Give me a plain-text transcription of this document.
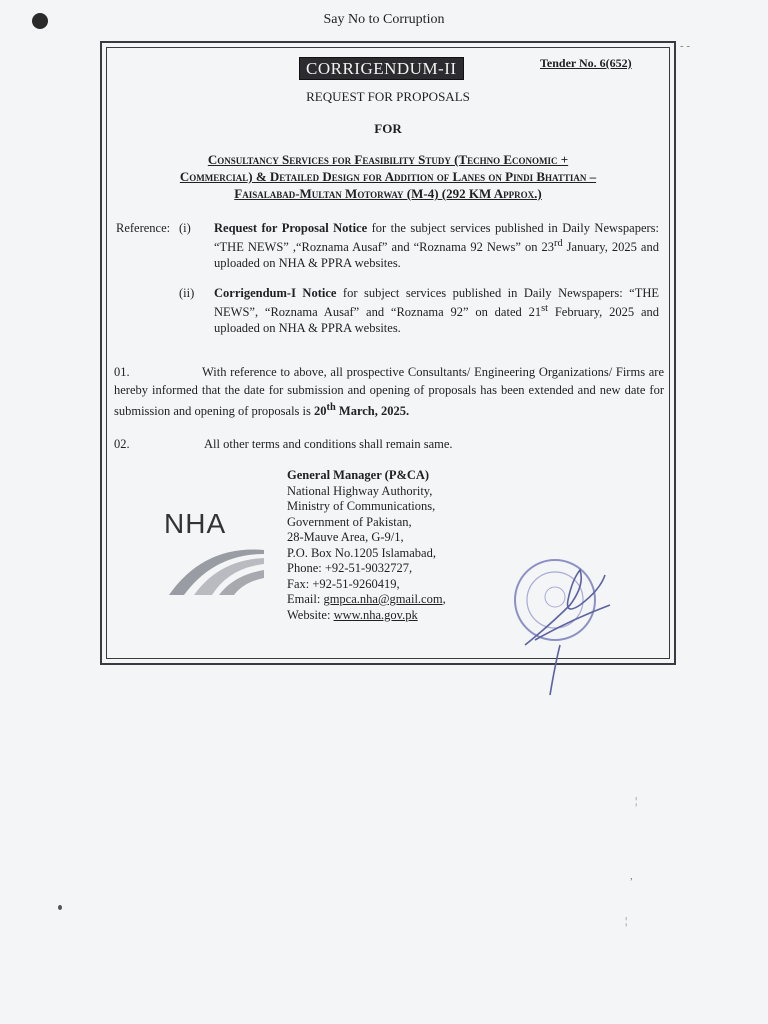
- -
¦
,
¦
Say No to Corruption
CORRIGENDUM-II	Tender No. 6(652)
REQUEST FOR PROPOSALS
FOR
Consultancy Services for Feasibility Study (Techno Economic +
Commercial) & Detailed Design for Addition of Lanes on Pindi Bhattian –
Faisalabad-Multan Motorway (M-4) (292 KM Approx.)
Reference: (i) Request for Proposal Notice for the subject services published in Daily Newspapers: “THE NEWS” ,“Roznama Ausaf” and “Roznama 92 News” on 23rd January, 2025 and uploaded on NHA & PPRA websites.
(ii) Corrigendum-I Notice for subject services published in Daily Newspapers: “THE NEWS”, “Roznama Ausaf” and “Roznama 92” on dated 21st February, 2025 and uploaded on NHA & PPRA websites.
01.	With reference to above, all prospective Consultants/ Engineering Organizations/ Firms are hereby informed that the date for submission and opening of proposals has been extended and new date for submission and opening of proposals is 20th March, 2025.
02.	All other terms and conditions shall remain same.
General Manager (P&CA)
National Highway Authority,
Ministry of Communications,
Government of Pakistan,
28-Mauve Area, G-9/1,
P.O. Box No.1205 Islamabad,
Phone: +92-51-9032727,
Fax: +92-51-9260419,
Email: gmpca.nha@gmail.com,
Website: www.nha.gov.pk
NHA
